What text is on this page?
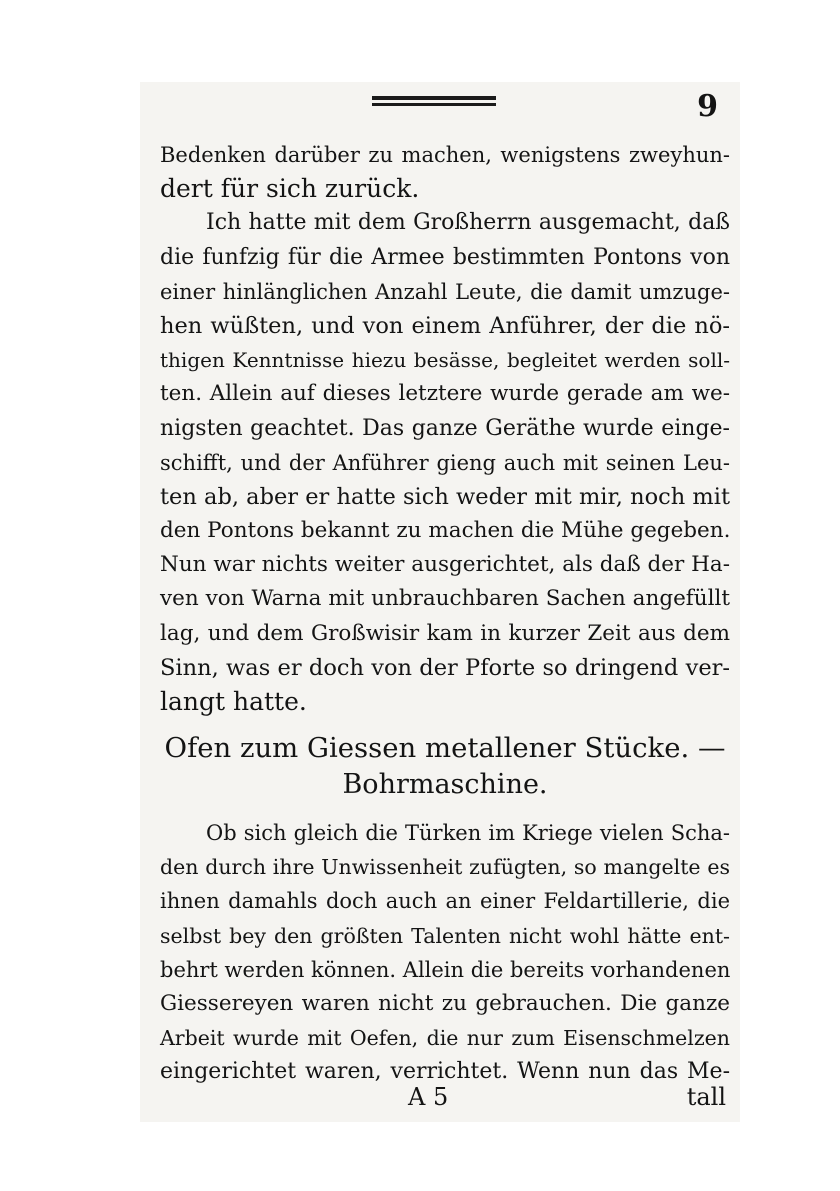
9
Bedenken darüber zu machen, wenigstens zweyhun-
dert für sich zurück.
Ich hatte mit dem Großherrn ausgemacht, daß
die funfzig für die Armee bestimmten Pontons von
einer hinlänglichen Anzahl Leute, die damit umzuge-
hen wüßten, und von einem Anführer, der die nö-
thigen Kenntnisse hiezu besässe, begleitet werden soll-
ten. Allein auf dieses letztere wurde gerade am we-
nigsten geachtet. Das ganze Geräthe wurde einge-
schifft, und der Anführer gieng auch mit seinen Leu-
ten ab, aber er hatte sich weder mit mir, noch mit
den Pontons bekannt zu machen die Mühe gegeben.
Nun war nichts weiter ausgerichtet, als daß der Ha-
ven von Warna mit unbrauchbaren Sachen angefüllt
lag, und dem Großwisir kam in kurzer Zeit aus dem
Sinn, was er doch von der Pforte so dringend ver-
langt hatte.
Ofen zum Giessen metallener Stücke. —
Bohrmaschine.
Ob sich gleich die Türken im Kriege vielen Scha-
den durch ihre Unwissenheit zufügten, so mangelte es
ihnen damahls doch auch an einer Feldartillerie, die
selbst bey den größten Talenten nicht wohl hätte ent-
behrt werden können. Allein die bereits vorhandenen
Giessereyen waren nicht zu gebrauchen. Die ganze
Arbeit wurde mit Oefen, die nur zum Eisenschmelzen
eingerichtet waren, verrichtet. Wenn nun das Me-
A 5	tall
